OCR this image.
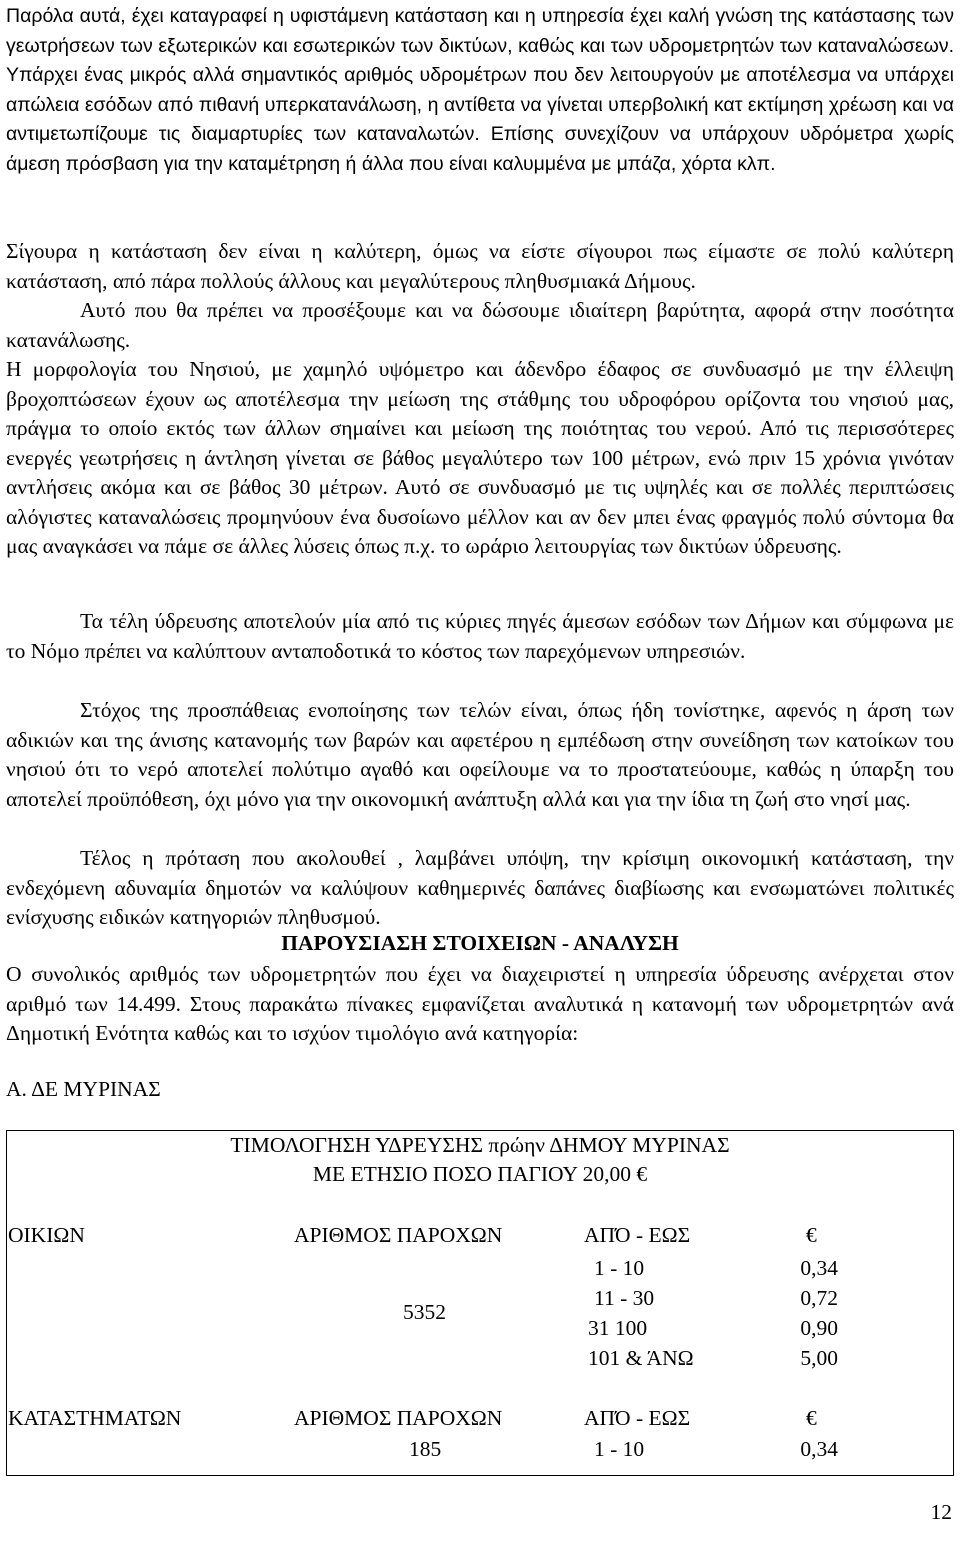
Παρόλα αυτά, έχει καταγραφεί η υφιστάμενη κατάσταση και η υπηρεσία έχει καλή γνώση της κατάστασης των γεωτρήσεων των εξωτερικών και εσωτερικών των δικτύων, καθώς και των υδρομετρητών των καταναλώσεων. Υπάρχει ένας μικρός αλλά σημαντικός αριθμός υδρομέτρων που δεν λειτουργούν με αποτέλεσμα να υπάρχει απώλεια εσόδων από πιθανή υπερκατανάλωση, η αντίθετα να γίνεται υπερβολική κατ εκτίμηση χρέωση και να αντιμετωπίζουμε τις διαμαρτυρίες των καταναλωτών. Επίσης συνεχίζουν να υπάρχουν υδρόμετρα χωρίς άμεση πρόσβαση για την καταμέτρηση ή άλλα που είναι καλυμμένα με μπάζα, χόρτα κλπ.
Σίγουρα η κατάσταση δεν είναι η καλύτερη, όμως να είστε σίγουροι πως είμαστε σε πολύ καλύτερη κατάσταση, από πάρα πολλούς άλλους και μεγαλύτερους πληθυσμιακά Δήμους.
Αυτό που θα πρέπει να προσέξουμε και να δώσουμε ιδιαίτερη βαρύτητα, αφορά στην ποσότητα κατανάλωσης.
Η μορφολογία του Νησιού, με χαμηλό υψόμετρο και άδενδρο έδαφος σε συνδυασμό με την έλλειψη βροχοπτώσεων έχουν ως αποτέλεσμα την μείωση της στάθμης του υδροφόρου ορίζοντα του νησιού μας, πράγμα το οποίο εκτός των άλλων σημαίνει και μείωση της ποιότητας του νερού. Από τις περισσότερες ενεργές γεωτρήσεις η άντληση γίνεται σε βάθος μεγαλύτερο των 100 μέτρων, ενώ πριν 15 χρόνια γινόταν αντλήσεις ακόμα και σε βάθος 30 μέτρων. Αυτό σε συνδυασμό με τις υψηλές και σε πολλές περιπτώσεις αλόγιστες καταναλώσεις προμηνύουν ένα δυσοίωνο μέλλον και αν δεν μπει ένας φραγμός πολύ σύντομα θα μας αναγκάσει να πάμε σε άλλες λύσεις όπως π.χ. το ωράριο λειτουργίας των δικτύων ύδρευσης.
Τα τέλη ύδρευσης αποτελούν μία από τις κύριες πηγές άμεσων εσόδων των Δήμων και σύμφωνα με το Νόμο πρέπει να καλύπτουν ανταποδοτικά το κόστος των παρεχόμενων υπηρεσιών.
Στόχος της προσπάθειας ενοποίησης των τελών είναι, όπως ήδη τονίστηκε, αφενός η άρση των αδικιών και της άνισης κατανομής των βαρών και αφετέρου η εμπέδωση στην συνείδηση των κατοίκων του νησιού ότι το νερό αποτελεί πολύτιμο αγαθό και οφείλουμε να το προστατεύουμε, καθώς η ύπαρξη του αποτελεί προϋπόθεση, όχι μόνο για την οικονομική ανάπτυξη αλλά και για την ίδια τη ζωή στο νησί μας.
Τέλος η πρόταση που ακολουθεί , λαμβάνει υπόψη, την κρίσιμη οικονομική κατάσταση, την ενδεχόμενη αδυναμία δημοτών να καλύψουν καθημερινές δαπάνες διαβίωσης και ενσωματώνει πολιτικές ενίσχυσης ειδικών κατηγοριών πληθυσμού.
ΠΑΡΟΥΣΙΑΣΗ ΣΤΟΙΧΕΙΩΝ - ΑΝΑΛΥΣΗ
Ο συνολικός αριθμός των υδρομετρητών που έχει να διαχειριστεί η υπηρεσία ύδρευσης ανέρχεται στον αριθμό των 14.499. Στους παρακάτω πίνακες εμφανίζεται αναλυτικά η κατανομή των υδρομετρητών ανά Δημοτική Ενότητα καθώς και το ισχύον τιμολόγιο ανά κατηγορία:
Α. ΔΕ ΜΥΡΙΝΑΣ
ΤΙΜΟΛΟΓΗΣΗ ΥΔΡΕΥΣΗΣ πρώην ΔΗΜΟΥ ΜΥΡΙΝΑΣ
ΜΕ ΕΤΗΣΙΟ ΠΟΣΟ ΠΑΓΙΟΥ 20,00 €
ΟΙΚΙΩΝ	ΑΡΙΘΜΟΣ ΠΑΡΟΧΩΝ	ΑΠΌ - ΕΩΣ	€
5352
1 - 10	0,34
11 - 30	0,72
31 100	0,90
101 & ΆΝΩ	5,00
ΚΑΤΑΣΤΗΜΑΤΩΝ	ΑΡΙΘΜΟΣ ΠΑΡΟΧΩΝ	ΑΠΌ - ΕΩΣ	€
185	1 - 10	0,34
12
